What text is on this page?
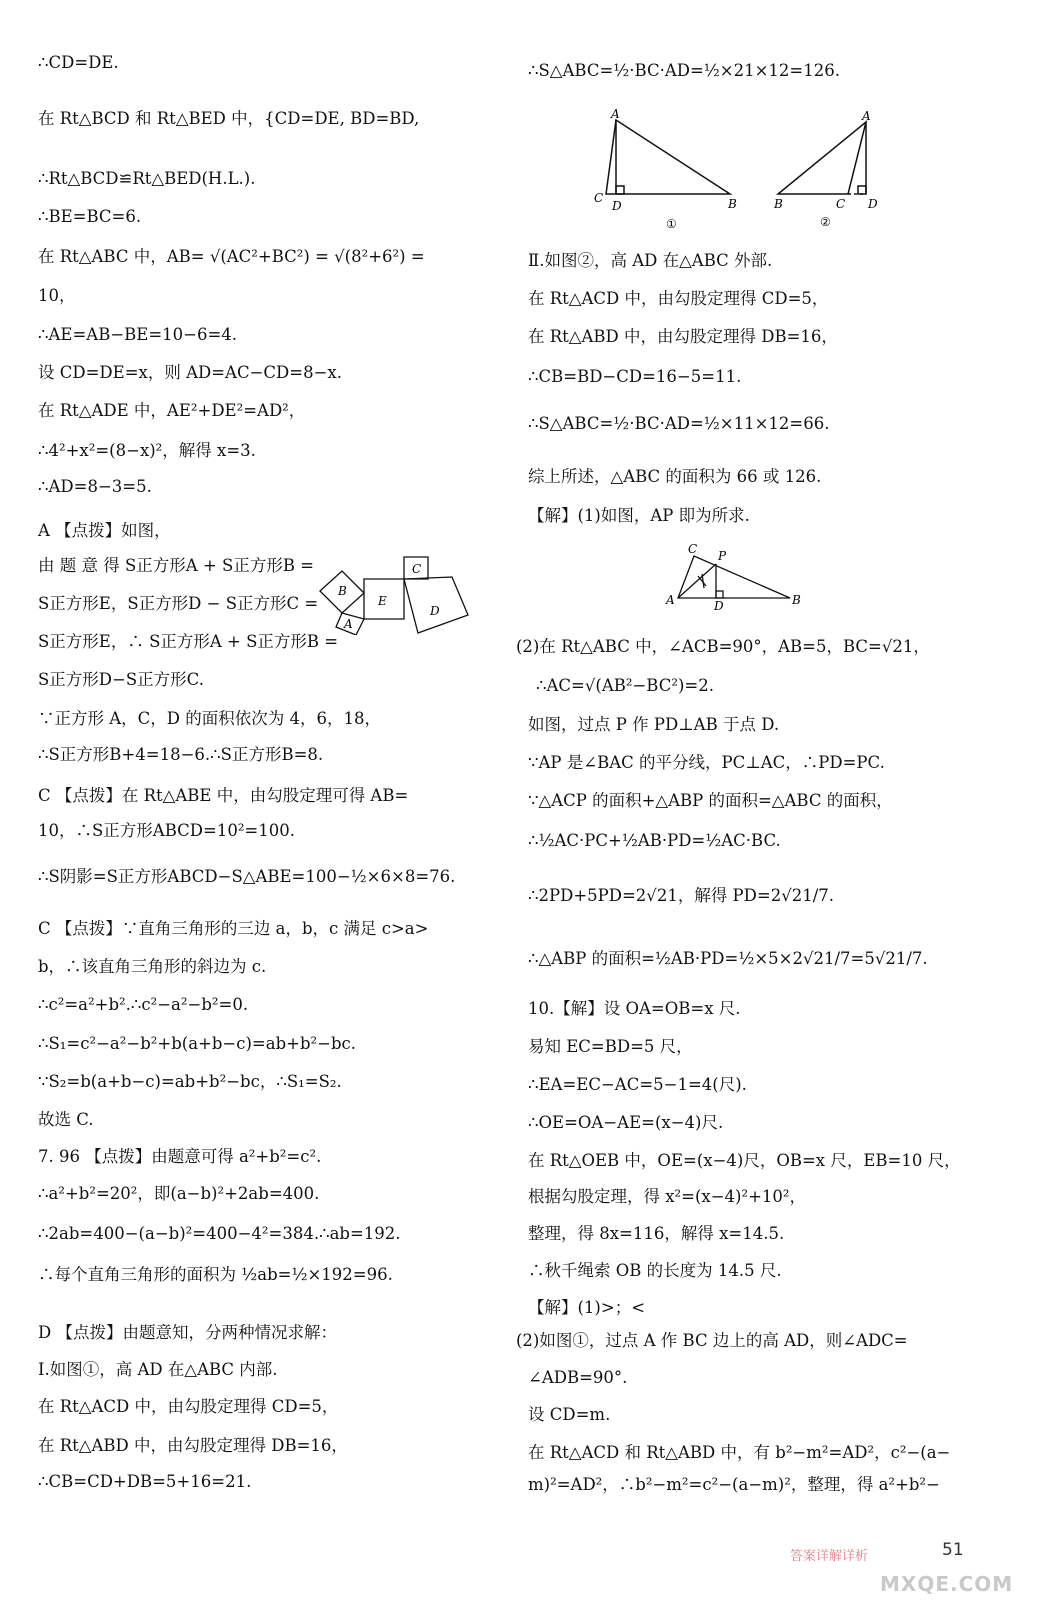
∴CD=DE.
在 Rt△BCD 和 Rt△BED 中，{CD=DE, BD=BD,
∴Rt△BCD≌Rt△BED(H.L.).
∴BE=BC=6.
在 Rt△ABC 中，AB= √(AC²+BC²) = √(8²+6²) =
10，
∴AE=AB−BE=10−6=4.
设 CD=DE=x，则 AD=AC−CD=8−x.
在 Rt△ADE 中，AE²+DE²=AD²，
∴4²+x²=(8−x)²，解得 x=3.
∴AD=8−3=5.
A 【点拨】如图，
由 题 意 得 S正方形A + S正方形B =
S正方形E，S正方形D − S正方形C =
S正方形E，∴ S正方形A + S正方形B =
S正方形D−S正方形C.
∵正方形 A，C，D 的面积依次为 4，6，18，
∴S正方形B+4=18−6.∴S正方形B=8.
C 【点拨】在 Rt△ABE 中，由勾股定理可得 AB=
10，∴S正方形ABCD=10²=100.
∴S阴影=S正方形ABCD−S△ABE=100−½×6×8=76.
C 【点拨】∵直角三角形的三边 a，b，c 满足 c>a>
b，∴该直角三角形的斜边为 c.
∴c²=a²+b².∴c²−a²−b²=0.
∴S₁=c²−a²−b²+b(a+b−c)=ab+b²−bc.
∵S₂=b(a+b−c)=ab+b²−bc，∴S₁=S₂.
故选 C.
7. 96 【点拨】由题意可得 a²+b²=c².
∴a²+b²=20²，即(a−b)²+2ab=400.
∴2ab=400−(a−b)²=400−4²=384.∴ab=192.
∴每个直角三角形的面积为 ½ab=½×192=96.
D 【点拨】由题意知，分两种情况求解：
Ⅰ.如图①，高 AD 在△ABC 内部.
在 Rt△ACD 中，由勾股定理得 CD=5，
在 Rt△ABD 中，由勾股定理得 DB=16，
∴CB=CD+DB=5+16=21.
∴S△ABC=½·BC·AD=½×21×12=126.
Ⅱ.如图②，高 AD 在△ABC 外部.
在 Rt△ACD 中，由勾股定理得 CD=5，
在 Rt△ABD 中，由勾股定理得 DB=16，
∴CB=BD−CD=16−5=11.
∴S△ABC=½·BC·AD=½×11×12=66.
综上所述，△ABC 的面积为 66 或 126.
【解】(1)如图，AP 即为所求.
(2)在 Rt△ABC 中，∠ACB=90°，AB=5，BC=√21，
∴AC=√(AB²−BC²)=2.
如图，过点 P 作 PD⊥AB 于点 D.
∵AP 是∠BAC 的平分线，PC⊥AC，∴PD=PC.
∵△ACP 的面积+△ABP 的面积=△ABC 的面积，
∴½AC·PC+½AB·PD=½AC·BC.
∴2PD+5PD=2√21，解得 PD=2√21/7.
∴△ABP 的面积=½AB·PD=½×5×2√21/7=5√21/7.
10.【解】设 OA=OB=x 尺.
易知 EC=BD=5 尺，
∴EA=EC−AC=5−1=4(尺).
∴OE=OA−AE=(x−4)尺.
在 Rt△OEB 中，OE=(x−4)尺，OB=x 尺，EB=10 尺，
根据勾股定理，得 x²=(x−4)²+10²，
整理，得 8x=116，解得 x=14.5.
∴秋千绳索 OB 的长度为 14.5 尺.
【解】(1)>；<
(2)如图①，过点 A 作 BC 边上的高 AD，则∠ADC=
∠ADB=90°.
设 CD=m.
在 Rt△ACD 和 Rt△ABD 中，有 b²−m²=AD²，c²−(a−
m)²=AD²，∴b²−m²=c²−(a−m)²，整理，得 a²+b²−
A
C
D	B
①
A
B	C D
②
C
B
E
D
A
C P
A	D	B
答案详解详析	51
MXQE.COM
